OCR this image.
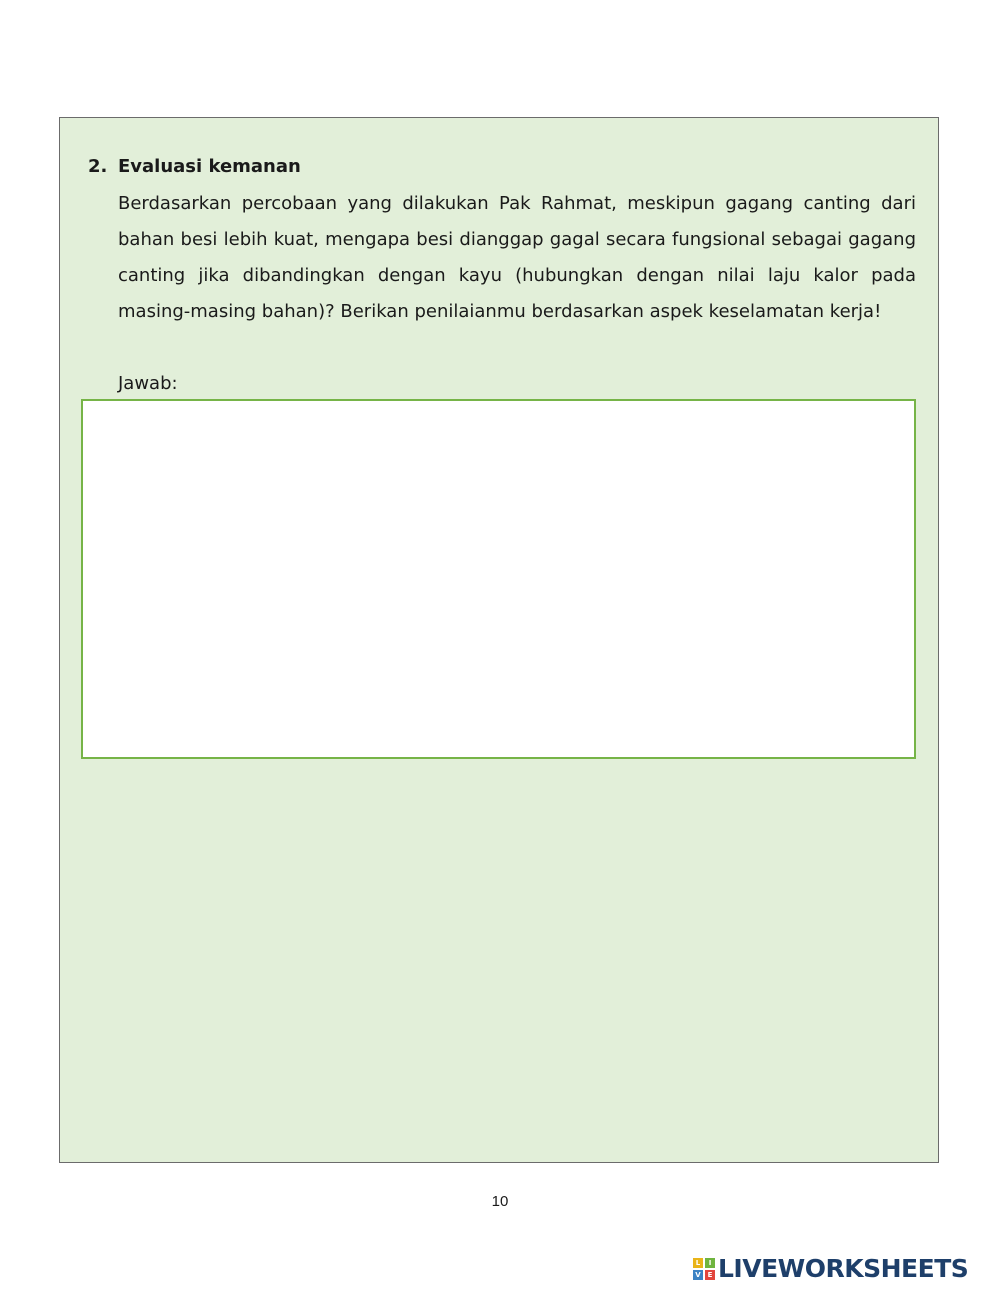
2. Evaluasi kemanan
Berdasarkan percobaan yang dilakukan Pak Rahmat, meskipun gagang canting dari bahan besi lebih kuat, mengapa besi dianggap gagal secara fungsional sebagai gagang canting jika dibandingkan dengan kayu (hubungkan dengan nilai laju kalor pada masing-masing bahan)? Berikan penilaianmu berdasarkan aspek keselamatan kerja!
Jawab:
10
L	I
V E LIVEWORKSHEETS
